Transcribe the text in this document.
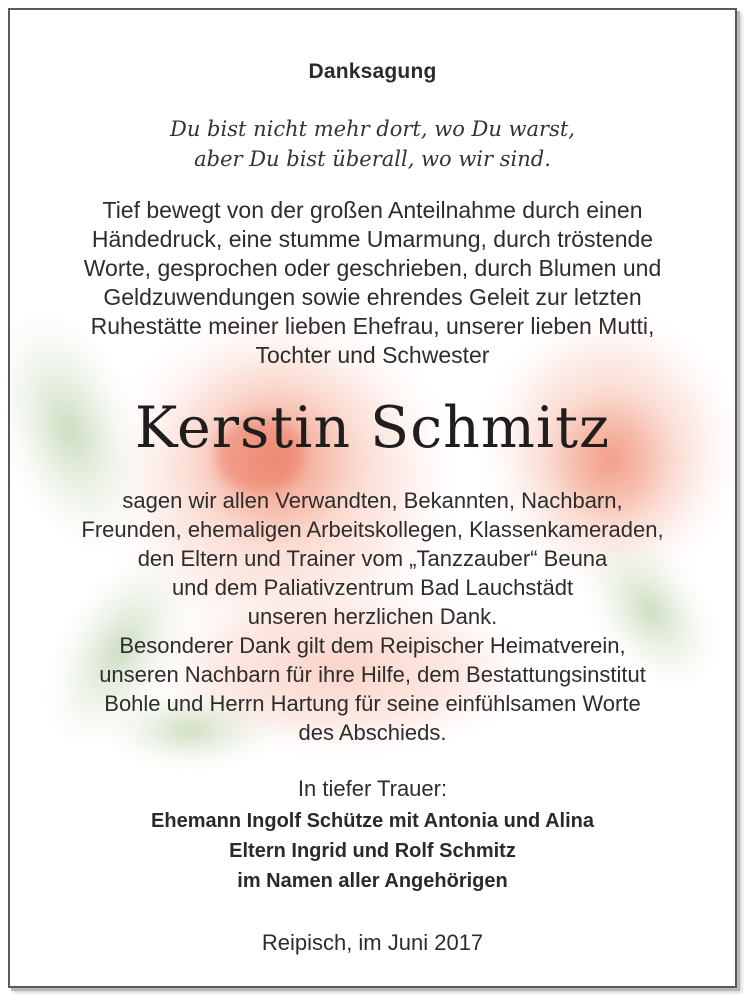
Danksagung
Du bist nicht mehr dort, wo Du warst,
aber Du bist überall, wo wir sind.
Tief bewegt von der großen Anteilnahme durch einen
Händedruck, eine stumme Umarmung, durch tröstende
Worte, gesprochen oder geschrieben, durch Blumen und
Geldzuwendungen sowie ehrendes Geleit zur letzten
Ruhestätte meiner lieben Ehefrau, unserer lieben Mutti,
Tochter und Schwester
Kerstin Schmitz
sagen wir allen Verwandten, Bekannten, Nachbarn,
Freunden, ehemaligen Arbeitskollegen, Klassenkameraden,
den Eltern und Trainer vom „Tanzzauber“ Beuna
und dem Paliativzentrum Bad Lauchstädt
unseren herzlichen Dank.
Besonderer Dank gilt dem Reipischer Heimatverein,
unseren Nachbarn für ihre Hilfe, dem Bestattungsinstitut
Bohle und Herrn Hartung für seine einfühlsamen Worte
des Abschieds.
In tiefer Trauer:
Ehemann Ingolf Schütze mit Antonia und Alina
Eltern Ingrid und Rolf Schmitz
im Namen aller Angehörigen
Reipisch, im Juni 2017
